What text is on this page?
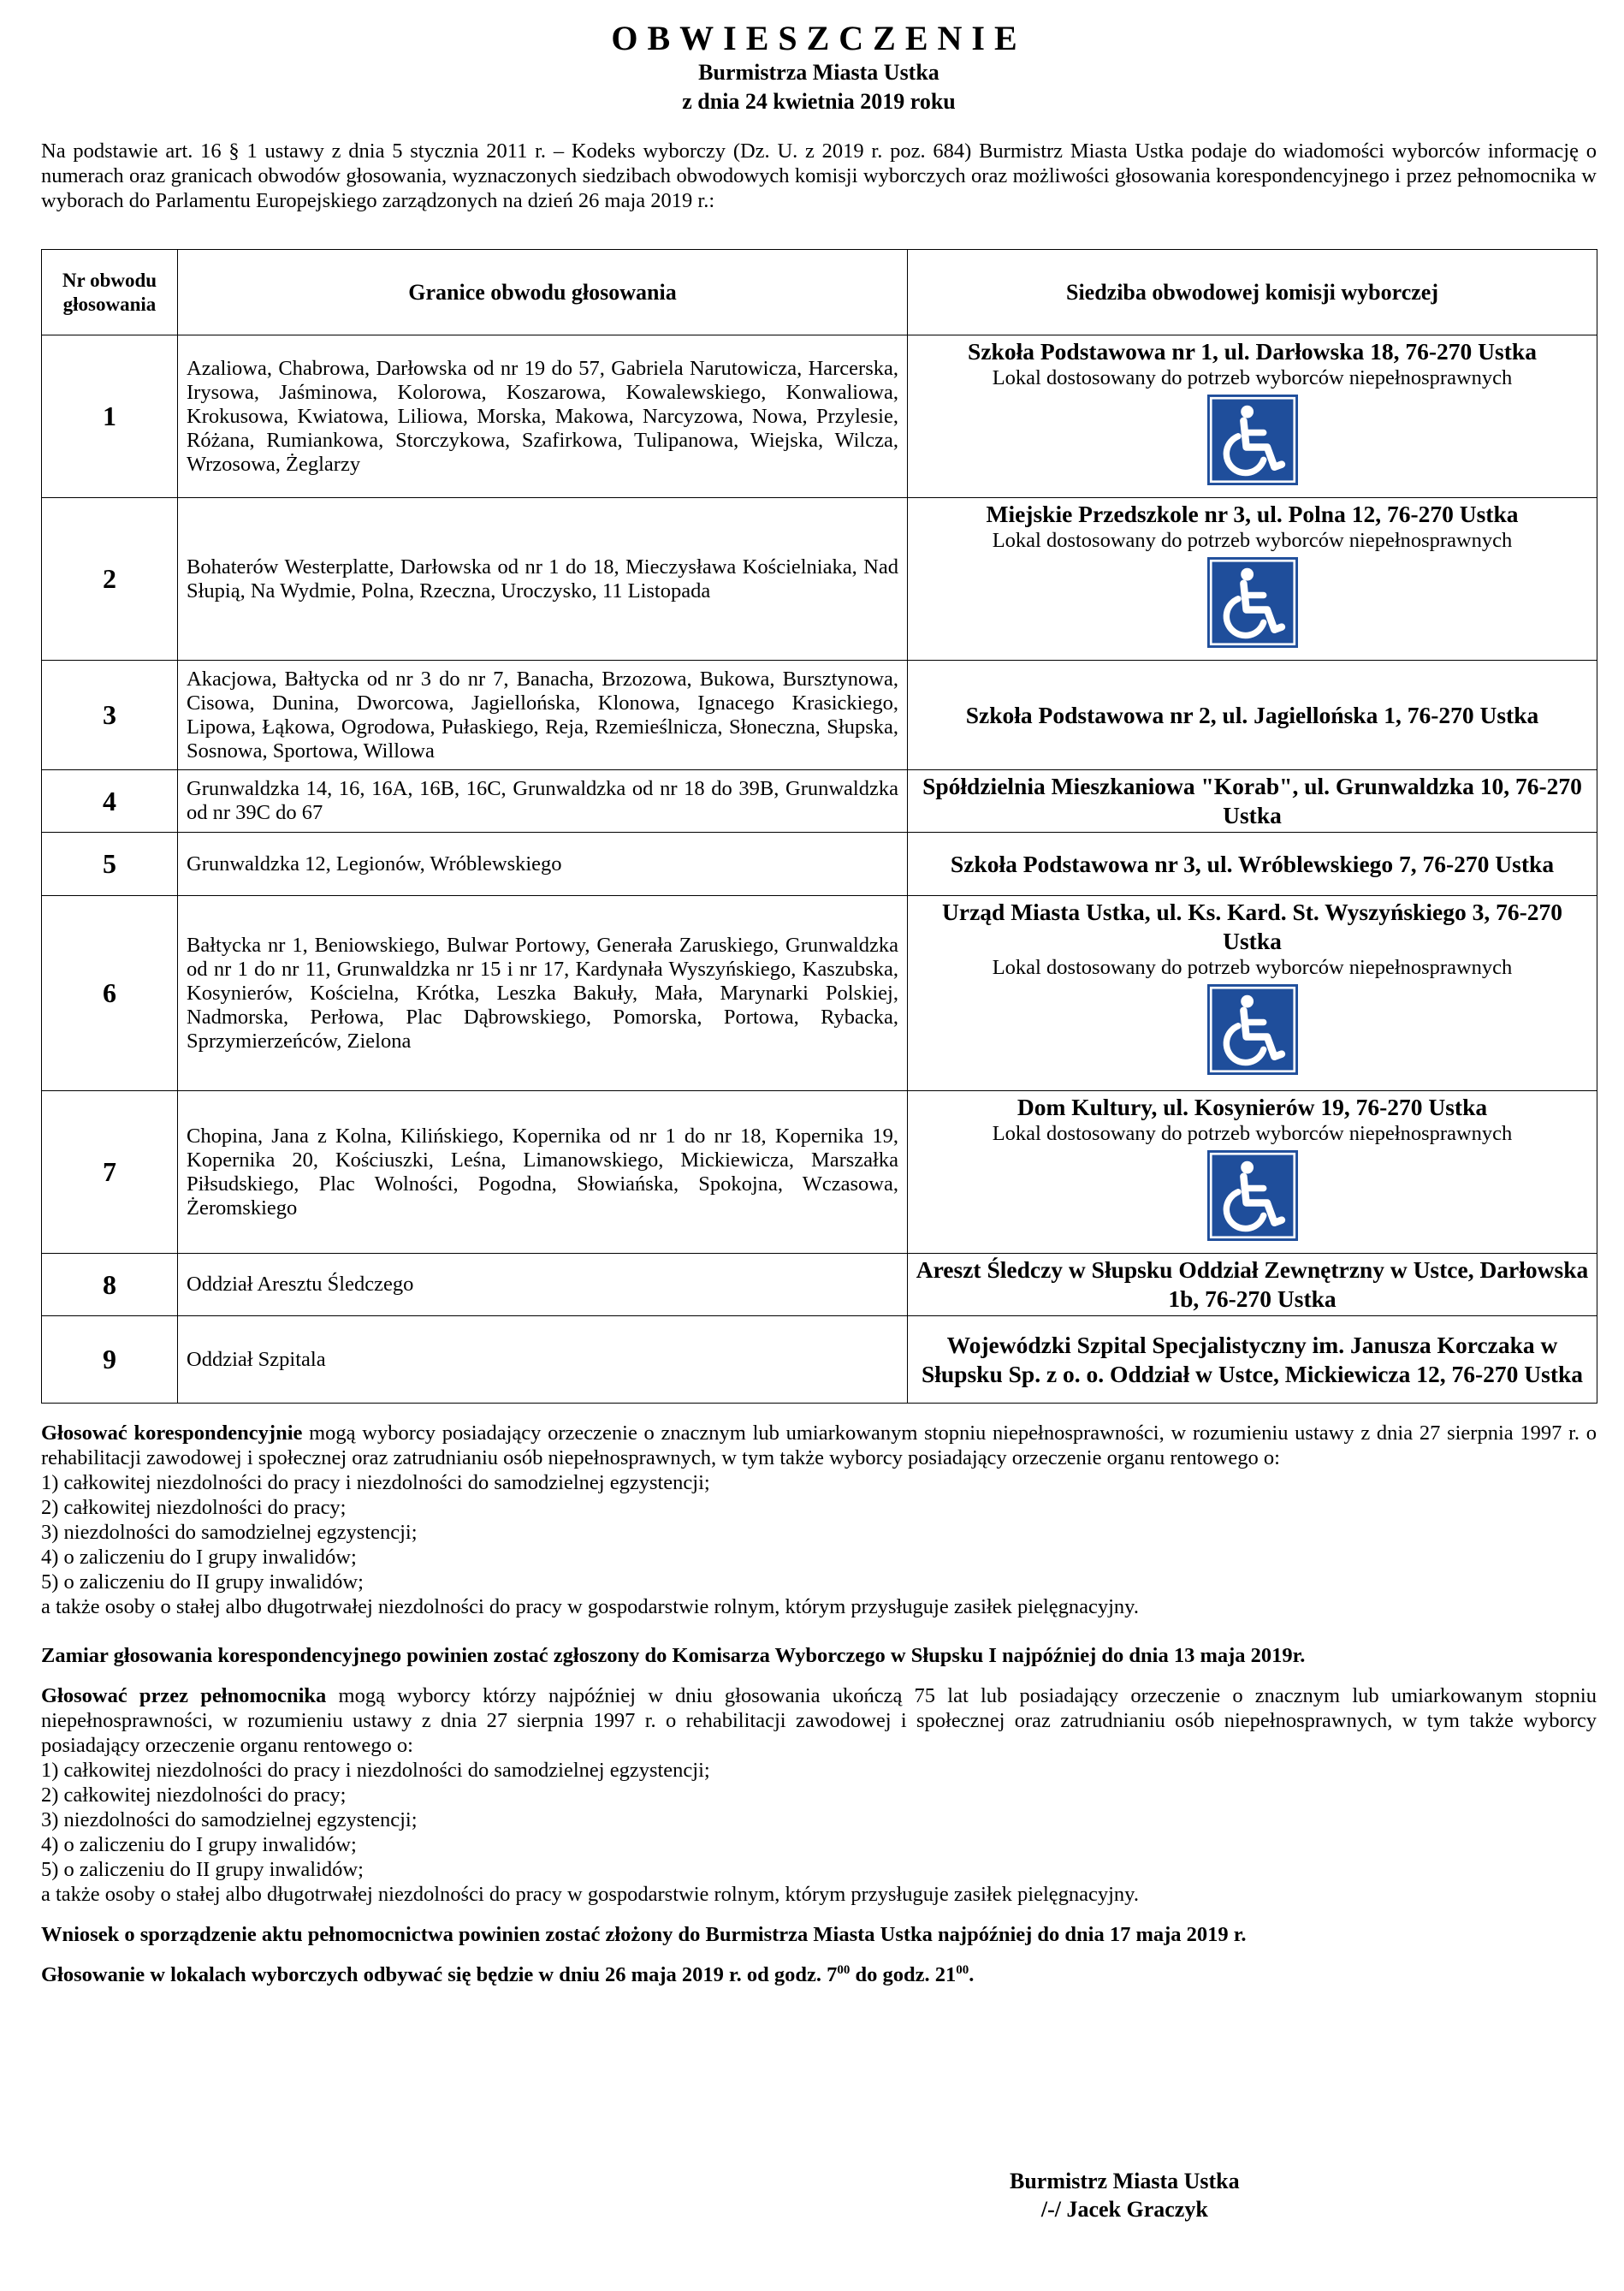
OBWIESZCZENIE

Burmistrza Miasta Ustka

z dnia 24 kwietnia 2019 roku

Na podstawie art. 16 § 1 ustawy z dnia 5 stycznia 2011 r. – Kodeks wyborczy (Dz. U. z 2019 r. poz. 684) Burmistrz Miasta Ustka podaje do wiadomości wyborców informację o numerach oraz granicach obwodów głosowania, wyznaczonych siedzibach obwodowych komisji wyborczych oraz możliwości głosowania korespondencyjnego i przez pełnomocnika w wyborach do Parlamentu Europejskiego zarządzonych na dzień 26 maja 2019 r.:

Nr obwodu głosowania	Granice obwodu głosowania	Siedziba obwodowej komisji wyborczej
1	Azaliowa, Chabrowa, Darłowska od nr 19 do 57, Gabriela Narutowicza, Harcerska, Irysowa, Jaśminowa, Kolorowa, Koszarowa, Kowalewskiego, Konwaliowa, Krokusowa, Kwiatowa, Liliowa, Morska, Makowa, Narcyzowa, Nowa, Przylesie, Różana, Rumiankowa, Storczykowa, Szafirkowa, Tulipanowa, Wiejska, Wilcza, Wrzosowa, Żeglarzy	Szkoła Podstawowa nr 1, ul. Darłowska 18, 76-270 Ustka
Lokal dostosowany do potrzeb wyborców niepełnosprawnych

2	Bohaterów Westerplatte, Darłowska od nr 1 do 18, Mieczysława Kościelniaka, Nad Słupią, Na Wydmie, Polna, Rzeczna, Uroczysko, 11 Listopada	Miejskie Przedszkole nr 3, ul. Polna 12, 76-270 Ustka
Lokal dostosowany do potrzeb wyborców niepełnosprawnych

3	Akacjowa, Bałtycka od nr 3 do nr 7, Banacha, Brzozowa, Bukowa, Bursztynowa, Cisowa, Dunina, Dworcowa, Jagiellońska, Klonowa, Ignacego Krasickiego, Lipowa, Łąkowa, Ogrodowa, Pułaskiego, Reja, Rzemieślnicza, Słoneczna, Słupska, Sosnowa, Sportowa, Willowa	Szkoła Podstawowa nr 2, ul. Jagiellońska 1, 76-270 Ustka

4	Grunwaldzka 14, 16, 16A, 16B, 16C, Grunwaldzka od nr 18 do 39B, Grunwaldzka od nr 39C do 67	Spółdzielnia Mieszkaniowa "Korab", ul. Grunwaldzka 10, 76-270 Ustka

5	Grunwaldzka 12, Legionów, Wróblewskiego	Szkoła Podstawowa nr 3, ul. Wróblewskiego 7, 76-270 Ustka

6	Bałtycka nr 1, Beniowskiego, Bulwar Portowy, Generała Zaruskiego, Grunwaldzka od nr 1 do nr 11, Grunwaldzka nr 15 i nr 17, Kardynała Wyszyńskiego, Kaszubska, Kosynierów, Kościelna, Krótka, Leszka Bakuły, Mała, Marynarki Polskiej, Nadmorska, Perłowa, Plac Dąbrowskiego, Pomorska, Portowa, Rybacka, Sprzymierzeńców, Zielona	Urząd Miasta Ustka, ul. Ks. Kard. St. Wyszyńskiego 3, 76-270 Ustka
Lokal dostosowany do potrzeb wyborców niepełnosprawnych

7	Chopina, Jana z Kolna, Kilińskiego, Kopernika od nr 1 do nr 18, Kopernika 19, Kopernika 20, Kościuszki, Leśna, Limanowskiego, Mickiewicza, Marszałka Piłsudskiego, Plac Wolności, Pogodna, Słowiańska, Spokojna, Wczasowa, Żeromskiego	Dom Kultury, ul. Kosynierów 19, 76-270 Ustka
Lokal dostosowany do potrzeb wyborców niepełnosprawnych

8	Oddział Aresztu Śledczego	Areszt Śledczy w Słupsku Oddział Zewnętrzny w Ustce, Darłowska 1b, 76-270 Ustka

9	Oddział Szpitala	Wojewódzki Szpital Specjalistyczny im. Janusza Korczaka w Słupsku Sp. z o. o. Oddział w Ustce, Mickiewicza 12, 76-270 Ustka

Głosować korespondencyjnie mogą wyborcy posiadający orzeczenie o znacznym lub umiarkowanym stopniu niepełnosprawności, w rozumieniu ustawy z dnia 27 sierpnia 1997 r. o rehabilitacji zawodowej i społecznej oraz zatrudnianiu osób niepełnosprawnych, w tym także wyborcy posiadający orzeczenie organu rentowego o:

1) całkowitej niezdolności do pracy i niezdolności do samodzielnej egzystencji;

2) całkowitej niezdolności do pracy;

3) niezdolności do samodzielnej egzystencji;

4) o zaliczeniu do I grupy inwalidów;

5) o zaliczeniu do II grupy inwalidów;

a także osoby o stałej albo długotrwałej niezdolności do pracy w gospodarstwie rolnym, którym przysługuje zasiłek pielęgnacyjny.

Zamiar głosowania korespondencyjnego powinien zostać zgłoszony do Komisarza Wyborczego w Słupsku I najpóźniej do dnia 13 maja 2019r.

Głosować przez pełnomocnika mogą wyborcy którzy najpóźniej w dniu głosowania ukończą 75 lat lub posiadający orzeczenie o znacznym lub umiarkowanym stopniu niepełnosprawności, w rozumieniu ustawy z dnia 27 sierpnia 1997 r. o rehabilitacji zawodowej i społecznej oraz zatrudnianiu osób niepełnosprawnych, w tym także wyborcy posiadający orzeczenie organu rentowego o:

1) całkowitej niezdolności do pracy i niezdolności do samodzielnej egzystencji;

2) całkowitej niezdolności do pracy;

3) niezdolności do samodzielnej egzystencji;

4) o zaliczeniu do I grupy inwalidów;

5) o zaliczeniu do II grupy inwalidów;

a także osoby o stałej albo długotrwałej niezdolności do pracy w gospodarstwie rolnym, którym przysługuje zasiłek pielęgnacyjny.

Wniosek o sporządzenie aktu pełnomocnictwa powinien zostać złożony do Burmistrza Miasta Ustka najpóźniej do dnia 17 maja 2019 r.

Głosowanie w lokalach wyborczych odbywać się będzie w dniu 26 maja 2019 r. od godz. $7^{00}$ do godz. $21^{00}$.

Burmistrz Miasta Ustka
/-/ Jacek Graczyk
